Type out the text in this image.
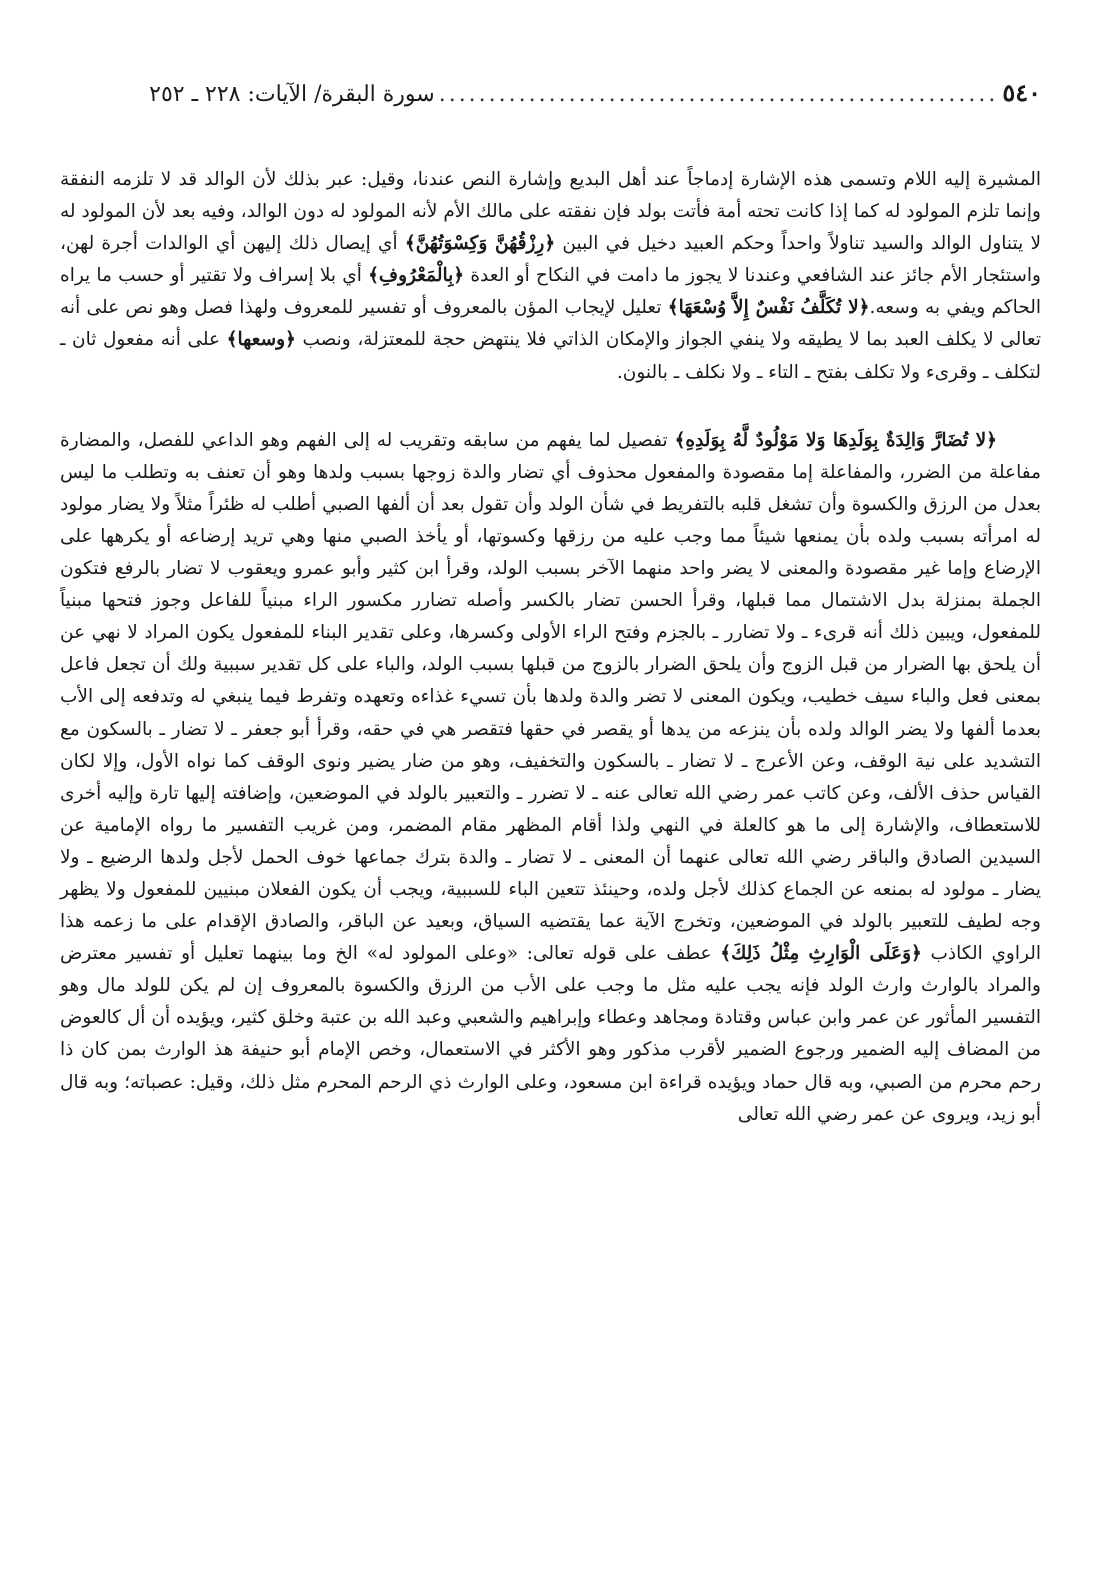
٥٤٠
........................................................
سورة البقرة/ الآيات: ٢٢٨ ـ ٢٥٢

المشيرة إليه اللام وتسمى هذه الإشارة إدماجاً عند أهل البديع وإشارة النص عندنا، وقيل: عبر بذلك لأن الوالد قد لا تلزمه النفقة وإنما تلزم المولود له كما إذا كانت تحته أمة فأتت بولد فإن نفقته على مالك الأم لأنه المولود له دون الوالد، وفيه بعد لأن المولود له لا يتناول الوالد والسيد تناولاً واحداً وحكم العبيد دخيل في البين ﴿رِزْقُهُنَّ وَكِسْوَتُهُنَّ﴾ أي إيصال ذلك إليهن أي الوالدات أجرة لهن، واستئجار الأم جائز عند الشافعي وعندنا لا يجوز ما دامت في النكاح أو العدة ﴿بِالْمَعْرُوفِ﴾ أي بلا إسراف ولا تقتير أو حسب ما يراه الحاكم ويفي به وسعه.﴿لا تُكَلَّفُ نَفْسٌ إِلاَّ وُسْعَهَا﴾ تعليل لإيجاب المؤن بالمعروف أو تفسير للمعروف ولهذا فصل وهو نص على أنه تعالى لا يكلف العبد بما لا يطيقه ولا ينفي الجواز والإمكان الذاتي فلا ينتهض حجة للمعتزلة، ونصب ﴿وسعها﴾ على أنه مفعول ثان ـ لتكلف ـ وقرىء ولا تكلف بفتح ـ التاء ـ ولا نكلف ـ بالنون.

﴿لا تُضَارَّ وَالِدَةٌ بِوَلَدِهَا وَلا مَوْلُودٌ لَّهُ بِوَلَدِهِ﴾ تفصيل لما يفهم من سابقه وتقريب له إلى الفهم وهو الداعي للفصل، والمضارة مفاعلة من الضرر، والمفاعلة إما مقصودة والمفعول محذوف أي تضار والدة زوجها بسبب ولدها وهو أن تعنف به وتطلب ما ليس بعدل من الرزق والكسوة وأن تشغل قلبه بالتفريط في شأن الولد وأن تقول بعد أن ألفها الصبي أطلب له ظئراً مثلاً ولا يضار مولود له امرأته بسبب ولده بأن يمنعها شيئاً مما وجب عليه من رزقها وكسوتها، أو يأخذ الصبي منها وهي تريد إرضاعه أو يكرهها على الإرضاع وإما غير مقصودة والمعنى لا يضر واحد منهما الآخر بسبب الولد، وقرأ ابن كثير وأبو عمرو ويعقوب لا تضار بالرفع فتكون الجملة بمنزلة بدل الاشتمال مما قبلها، وقرأ الحسن تضار بالكسر وأصله تضارر مكسور الراء مبنياً للفاعل وجوز فتحها مبنياً للمفعول، ويبين ذلك أنه قرىء ـ ولا تضارر ـ بالجزم وفتح الراء الأولى وكسرها، وعلى تقدير البناء للمفعول يكون المراد لا نهي عن أن يلحق بها الضرار من قبل الزوج وأن يلحق الضرار بالزوج من قبلها بسبب الولد، والباء على كل تقدير سببية ولك أن تجعل فاعل بمعنى فعل والباء سيف خطيب، ويكون المعنى لا تضر والدة ولدها بأن تسيء غذاءه وتعهده وتفرط فيما ينبغي له وتدفعه إلى الأب بعدما ألفها ولا يضر الوالد ولده بأن ينزعه من يدها أو يقصر في حقها فتقصر هي في حقه، وقرأ أبو جعفر ـ لا تضار ـ بالسكون مع التشديد على نية الوقف، وعن الأعرج ـ لا تضار ـ بالسكون والتخفيف، وهو من ضار يضير ونوى الوقف كما نواه الأول، وإلا لكان القياس حذف الألف، وعن كاتب عمر رضي الله تعالى عنه ـ لا تضرر ـ والتعبير بالولد في الموضعين، وإضافته إليها تارة وإليه أخرى للاستعطاف، والإشارة إلى ما هو كالعلة في النهي ولذا أقام المظهر مقام المضمر، ومن غريب التفسير ما رواه الإمامية عن السيدين الصادق والباقر رضي الله تعالى عنهما أن المعنى ـ لا تضار ـ والدة بترك جماعها خوف الحمل لأجل ولدها الرضيع ـ ولا يضار ـ مولود له بمنعه عن الجماع كذلك لأجل ولده، وحينئذ تتعين الباء للسببية، ويجب أن يكون الفعلان مبنيين للمفعول ولا يظهر وجه لطيف للتعبير بالولد في الموضعين، وتخرج الآية عما يقتضيه السياق، وبعيد عن الباقر، والصادق الإقدام على ما زعمه هذا الراوي الكاذب ﴿وَعَلَى الْوَارِثِ مِثْلُ ذَلِكَ﴾ عطف على قوله تعالى: «وعلى المولود له» الخ وما بينهما تعليل أو تفسير معترض والمراد بالوارث وارث الولد فإنه يجب عليه مثل ما وجب على الأب من الرزق والكسوة بالمعروف إن لم يكن للولد مال وهو التفسير المأثور عن عمر وابن عباس وقتادة ومجاهد وعطاء وإبراهيم والشعبي وعبد الله بن عتبة وخلق كثير، ويؤيده أن أل كالعوض من المضاف إليه الضمير ورجوع الضمير لأقرب مذكور وهو الأكثر في الاستعمال، وخص الإمام أبو حنيفة هذ الوارث بمن كان ذا رحم محرم من الصبي، وبه قال حماد ويؤيده قراءة ابن مسعود، وعلى الوارث ذي الرحم المحرم مثل ذلك، وقيل: عصباته؛ وبه قال أبو زيد، ويروى عن عمر رضي الله تعالى
